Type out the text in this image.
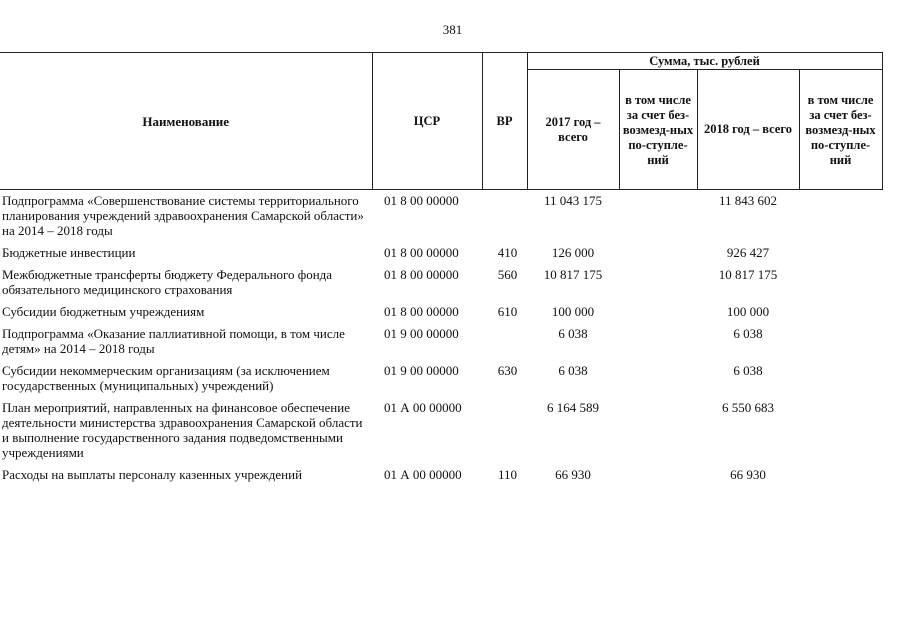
381
Наименование	ЦСР	ВР	Сумма, тыс. рублей			
			2017 год – всего	в том числе за счет без-возмезд-ных по-ступле-ний	2018 год – всего	в том числе за счет без-возмезд-ных по-ступле-ний
Подпрограмма «Совершенствование системы территориального планирования учреждений здравоохранения Самарской области» на 2014 – 2018 годы	01 8 00 00000		11 043 175		11 843 602	
Бюджетные инвестиции	01 8 00 00000	410	126 000		926 427	
Межбюджетные трансферты бюджету Федерального фонда обязательного медицинского страхования	01 8 00 00000	560	10 817 175		10 817 175	
Субсидии бюджетным учреждениям	01 8 00 00000	610	100 000		100 000	
Подпрограмма «Оказание паллиативной помощи, в том числе детям» на 2014 – 2018 годы	01 9 00 00000		6 038		6 038	
Субсидии некоммерческим организациям (за исключением государственных (муниципальных) учреждений)	01 9 00 00000	630	6 038		6 038	
План мероприятий, направленных на финансовое обеспечение деятельности министерства здравоохранения Самарской области и выполнение государственного задания подведомственными учреждениями	01 А 00 00000		6 164 589		6 550 683	
Расходы на выплаты персоналу казенных учреждений	01 А 00 00000	110	66 930		66 930	
